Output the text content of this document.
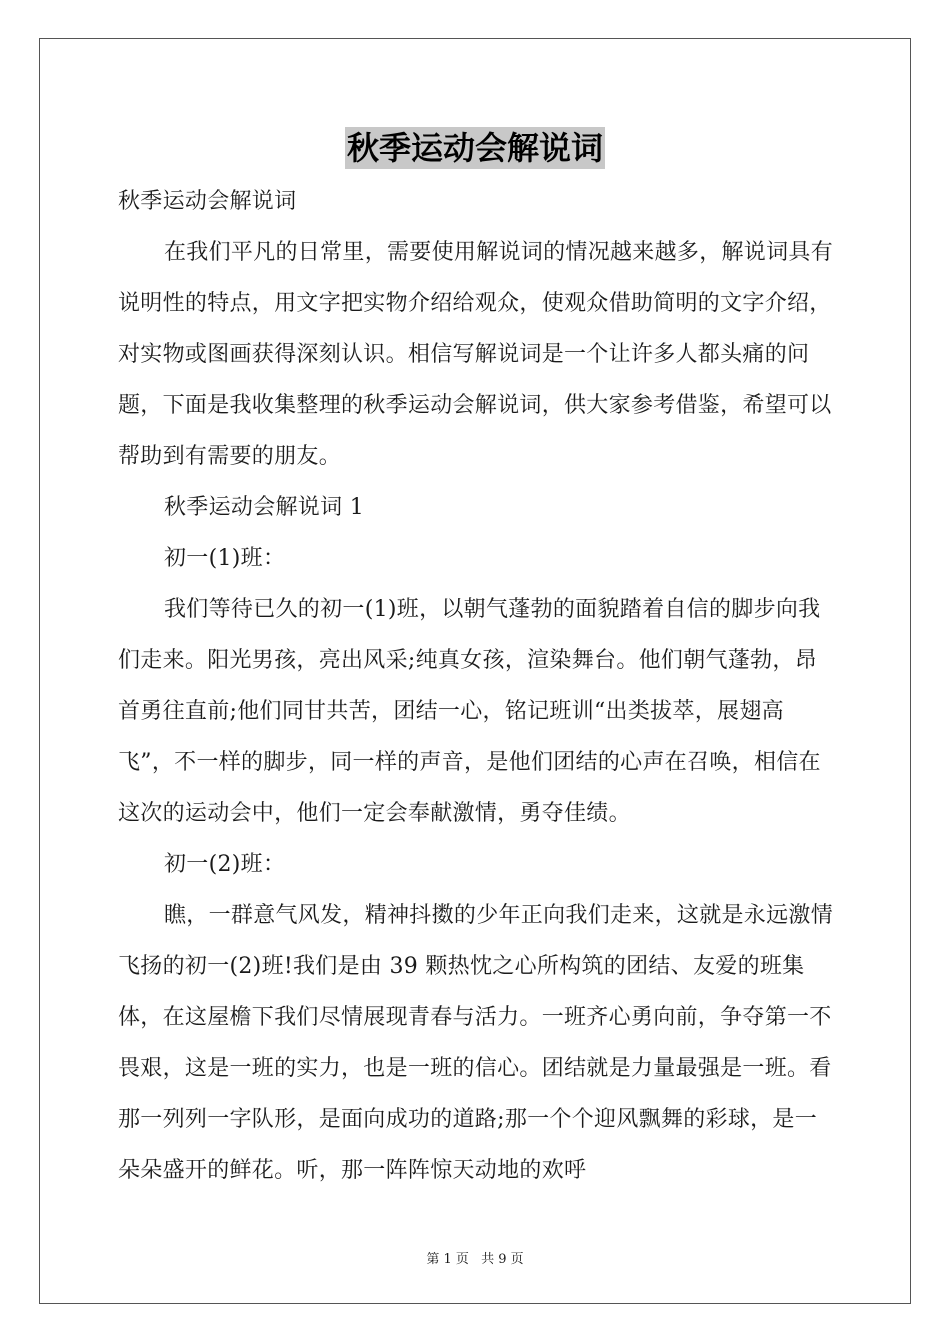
秋季运动会解说词

秋季运动会解说词

在我们平凡的日常里，需要使用解说词的情况越来越多，解说词具有说明性的特点，用文字把实物介绍给观众，使观众借助简明的文字介绍，对实物或图画获得深刻认识。相信写解说词是一个让许多人都头痛的问题，下面是我收集整理的秋季运动会解说词，供大家参考借鉴，希望可以帮助到有需要的朋友。

秋季运动会解说词 1

初一(1)班：

我们等待已久的初一(1)班，以朝气蓬勃的面貌踏着自信的脚步向我们走来。阳光男孩，亮出风采;纯真女孩，渲染舞台。他们朝气蓬勃，昂首勇往直前;他们同甘共苦，团结一心，铭记班训“出类拔萃，展翅高飞”，不一样的脚步，同一样的声音，是他们团结的心声在召唤，相信在这次的运动会中，他们一定会奉献激情，勇夺佳绩。

初一(2)班：

瞧，一群意气风发，精神抖擞的少年正向我们走来，这就是永远激情飞扬的初一(2)班!我们是由 39 颗热忱之心所构筑的团结、友爱的班集体，在这屋檐下我们尽情展现青春与活力。一班齐心勇向前，争夺第一不畏艰，这是一班的实力，也是一班的信心。团结就是力量最强是一班。看那一列列一字队形，是面向成功的道路;那一个个迎风飘舞的彩球，是一朵朵盛开的鲜花。听，那一阵阵惊天动地的欢呼

第 1 页 共 9 页
